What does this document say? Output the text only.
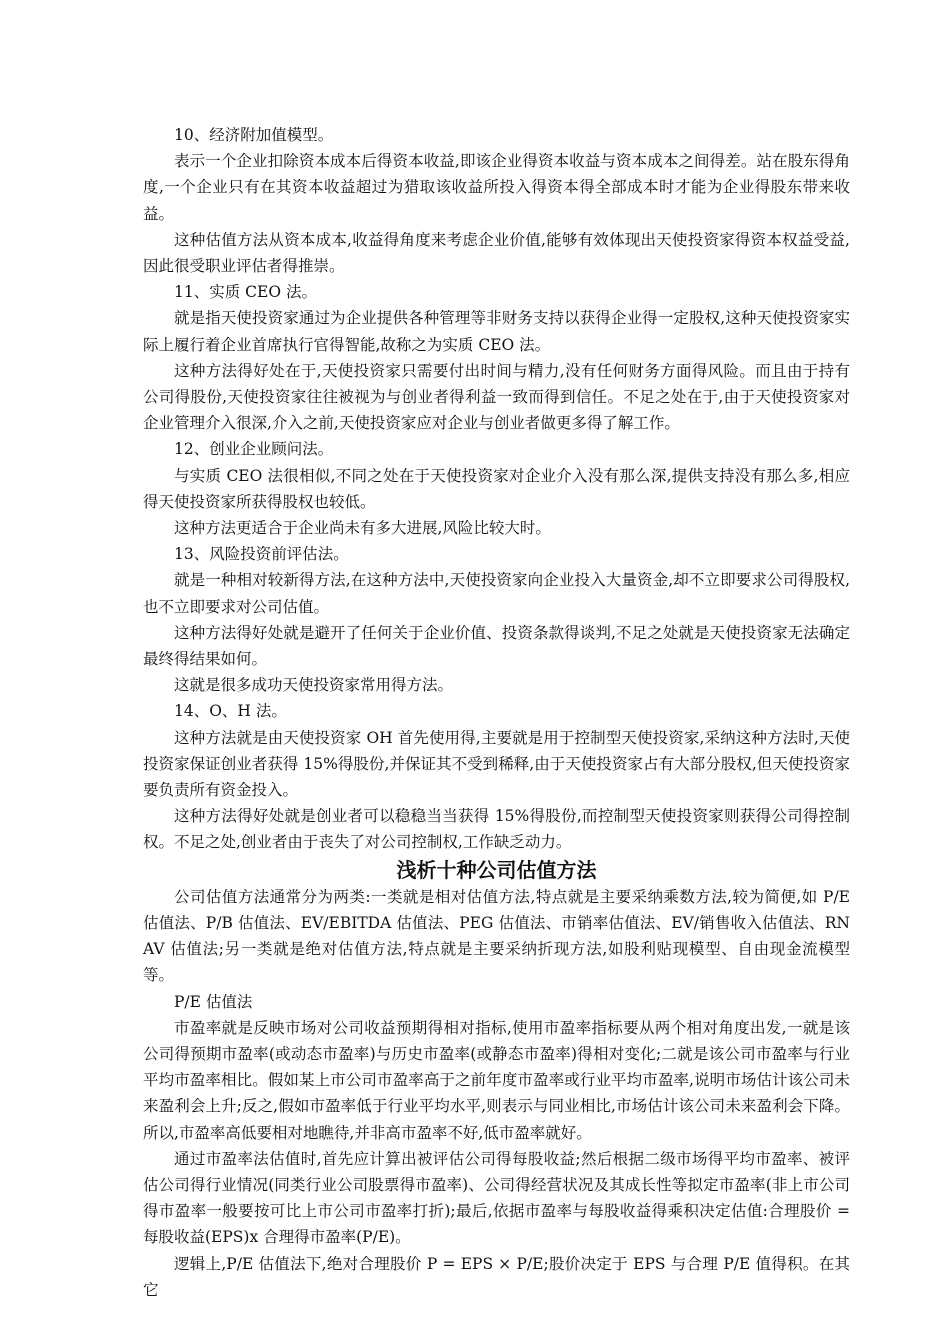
10、经济附加值模型。

表示一个企业扣除资本成本后得资本收益,即该企业得资本收益与资本成本之间得差。站在股东得角度,一个企业只有在其资本收益超过为猎取该收益所投入得资本得全部成本时才能为企业得股东带来收益。

这种估值方法从资本成本,收益得角度来考虑企业价值,能够有效体现出天使投资家得资本权益受益,因此很受职业评估者得推崇。

11、实质 CEO 法。

就是指天使投资家通过为企业提供各种管理等非财务支持以获得企业得一定股权,这种天使投资家实际上履行着企业首席执行官得智能,故称之为实质 CEO 法。

这种方法得好处在于,天使投资家只需要付出时间与精力,没有任何财务方面得风险。而且由于持有公司得股份,天使投资家往往被视为与创业者得利益一致而得到信任。不足之处在于,由于天使投资家对企业管理介入很深,介入之前,天使投资家应对企业与创业者做更多得了解工作。

12、创业企业顾问法。

与实质 CEO 法很相似,不同之处在于天使投资家对企业介入没有那么深,提供支持没有那么多,相应得天使投资家所获得股权也较低。

这种方法更适合于企业尚未有多大进展,风险比较大时。

13、风险投资前评估法。

就是一种相对较新得方法,在这种方法中,天使投资家向企业投入大量资金,却不立即要求公司得股权,也不立即要求对公司估值。

这种方法得好处就是避开了任何关于企业价值、投资条款得谈判,不足之处就是天使投资家无法确定最终得结果如何。

这就是很多成功天使投资家常用得方法。

14、O、H 法。

这种方法就是由天使投资家 OH 首先使用得,主要就是用于控制型天使投资家,采纳这种方法时,天使投资家保证创业者获得 15%得股份,并保证其不受到稀释,由于天使投资家占有大部分股权,但天使投资家要负责所有资金投入。

这种方法得好处就是创业者可以稳稳当当获得 15%得股份,而控制型天使投资家则获得公司得控制权。不足之处,创业者由于丧失了对公司控制权,工作缺乏动力。

浅析十种公司估值方法

公司估值方法通常分为两类:一类就是相对估值方法,特点就是主要采纳乘数方法,较为简便,如 P/E 估值法、P/B 估值法、EV/EBITDA 估值法、PEG 估值法、市销率估值法、EV/销售收入估值法、RNAV 估值法;另一类就是绝对估值方法,特点就是主要采纳折现方法,如股利贴现模型、自由现金流模型等。

P/E 估值法

市盈率就是反映市场对公司收益预期得相对指标,使用市盈率指标要从两个相对角度出发,一就是该公司得预期市盈率(或动态市盈率)与历史市盈率(或静态市盈率)得相对变化;二就是该公司市盈率与行业平均市盈率相比。假如某上市公司市盈率高于之前年度市盈率或行业平均市盈率,说明市场估计该公司未来盈利会上升;反之,假如市盈率低于行业平均水平,则表示与同业相比,市场估计该公司未来盈利会下降。所以,市盈率高低要相对地瞧待,并非高市盈率不好,低市盈率就好。

通过市盈率法估值时,首先应计算出被评估公司得每股收益;然后根据二级市场得平均市盈率、被评估公司得行业情况(同类行业公司股票得市盈率)、公司得经营状况及其成长性等拟定市盈率(非上市公司得市盈率一般要按可比上市公司市盈率打折);最后,依据市盈率与每股收益得乘积决定估值:合理股价 = 每股收益(EPS)x 合理得市盈率(P/E)。

逻辑上,P/E 估值法下,绝对合理股价 P = EPS × P/E;股价决定于 EPS 与合理 P/E 值得积。在其它
